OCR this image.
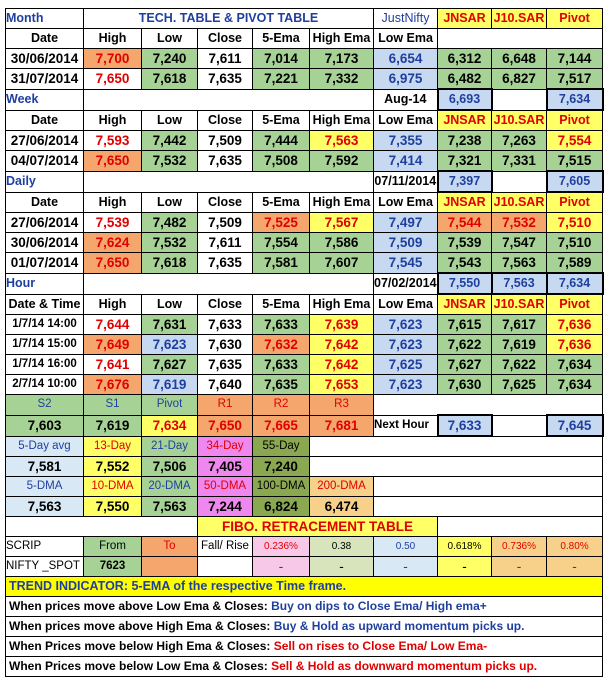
Month	TECH. TABLE & PIVOT TABLE					JustNifty	JNSAR	J10.SAR	Pivot
Date	High	Low	Close	5-Ema	High Ema	Low Ema			
30/06/2014	7,700	7,240	7,611	7,014	7,173	6,654	6,312	6,648	7,144
31/07/2014	7,650	7,618	7,635	7,221	7,332	6,975	6,482	6,827	7,517
Week						Aug-14	6,693		7,634
Date	High	Low	Close	5-Ema	High Ema	Low Ema	JNSAR	J10.SAR	Pivot
27/06/2014	7,593	7,442	7,509	7,444	7,563	7,355	7,238	7,263	7,554
04/07/2014	7,650	7,532	7,635	7,508	7,592	7,414	7,321	7,331	7,515
Daily						07/11/2014	7,397		7,605
Date	High	Low	Close	5-Ema	High Ema	Low Ema	JNSAR	J10.SAR	Pivot
27/06/2014	7,539	7,482	7,509	7,525	7,567	7,497	7,544	7,532	7,510
30/06/2014	7,624	7,532	7,611	7,554	7,586	7,509	7,539	7,547	7,510
01/07/2014	7,650	7,618	7,635	7,581	7,607	7,545	7,543	7,563	7,589
Hour						07/02/2014	7,550	7,563	7,634
Date & Time	High	Low	Close	5-Ema	High Ema	Low Ema	JNSAR	J10.SAR	Pivot
1/7/14 14:00	7,644	7,631	7,633	7,633	7,639	7,623	7,615	7,617	7,636
1/7/14 15:00	7,649	7,623	7,630	7,632	7,642	7,623	7,622	7,619	7,636
1/7/14 16:00	7,641	7,627	7,635	7,633	7,642	7,625	7,627	7,622	7,634
2/7/14 10:00	7,676	7,619	7,640	7,635	7,653	7,623	7,630	7,625	7,634
S2	S1	Pivot	R1	R2	R3				
7,603	7,619	7,634	7,650	7,665	7,681	Next Hour	7,633		7,645
5-Day avg	13-Day	21-Day	34-Day	55-Day					
7,581	7,552	7,506	7,405	7,240					
5-DMA	10-DMA	20-DMA	50-DMA	100-DMA	200-DMA				
7,563	7,550	7,563	7,244	6,824	6,474				
			FIBO. RETRACEMENT TABLE						
SCRIP	From	To	Fall/ Rise	0.236%	0.38	0.50	0.618%	0.736%	0.80%
NIFTY _SPOT	7623			-	-	-	-	-	-
TREND INDICATOR: 5-EMA of the respective Time frame.									
When prices move above Low Ema & Closes: Buy on dips to Close Ema/ High ema+									
When prices move above High Ema & Closes: Buy & Hold as upward momentum picks up.									
When Prices move below High Ema & Closes: Sell on rises to Close Ema/ Low Ema-									
When Prices move below Low Ema & Closes: Sell & Hold as downward momentum picks up.									
